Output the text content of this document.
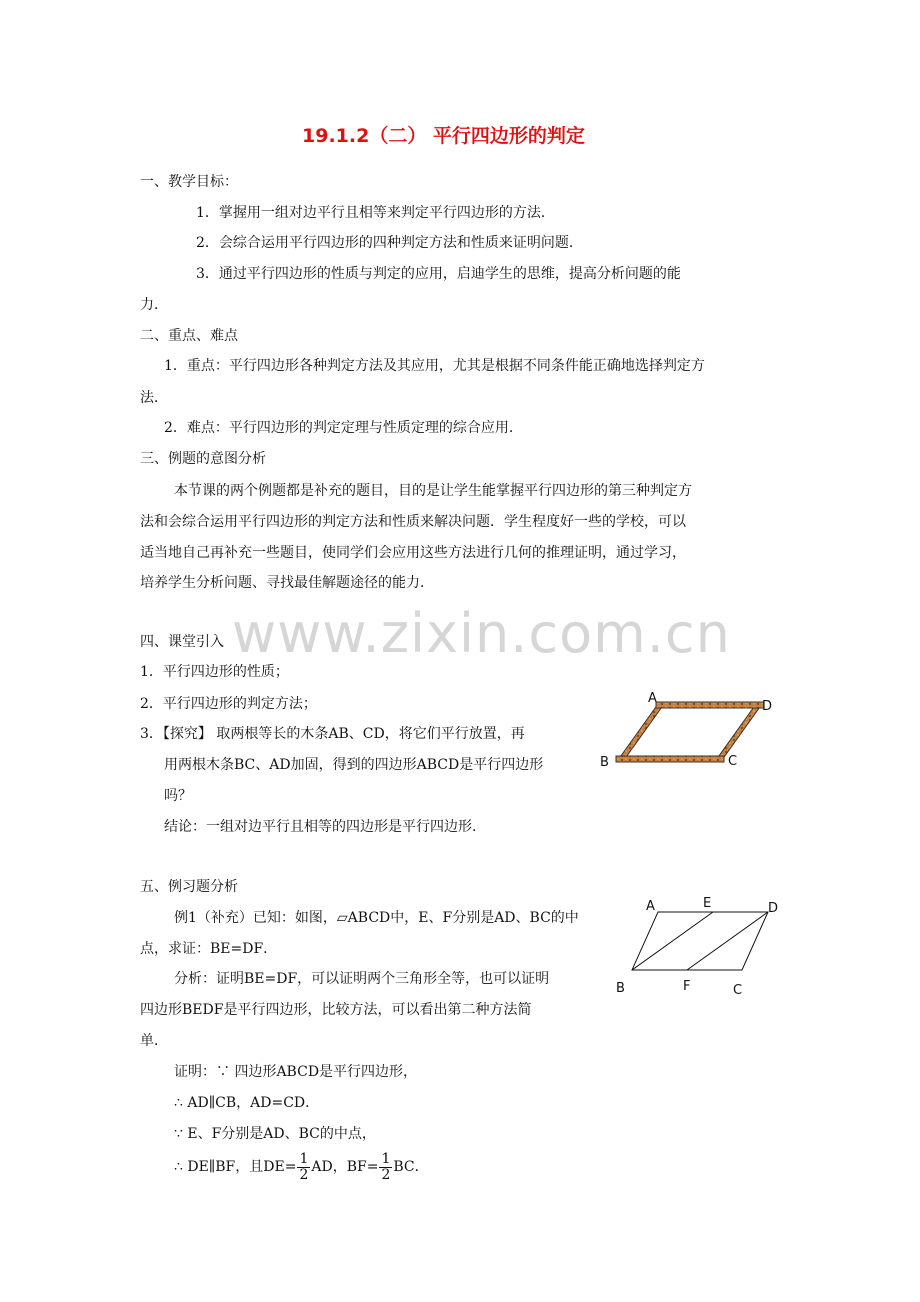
19.1.2（二） 平行四边形的判定
www.zixin.com.cn
一、教学目标：
1．掌握用一组对边平行且相等来判定平行四边形的方法．
2．会综合运用平行四边形的四种判定方法和性质来证明问题．
3．通过平行四边形的性质与判定的应用，启迪学生的思维，提高分析问题的能
力．
二、重点、难点
1．重点：平行四边形各种判定方法及其应用，尤其是根据不同条件能正确地选择判定方
法．
2．难点：平行四边形的判定定理与性质定理的综合应用．
三、例题的意图分析
本节课的两个例题都是补充的题目，目的是让学生能掌握平行四边形的第三种判定方
法和会综合运用平行四边形的判定方法和性质来解决问题．学生程度好一些的学校，可以
适当地自己再补充一些题目，使同学们会应用这些方法进行几何的推理证明，通过学习，
培养学生分析问题、寻找最佳解题途径的能力．
四、课堂引入
1．平行四边形的性质；
2．平行四边形的判定方法；
3．【探究】 取两根等长的木条AB、CD，将它们平行放置，再
用两根木条BC、AD加固，得到的四边形ABCD是平行四边形
吗？
结论：一组对边平行且相等的四边形是平行四边形．
A
D
B	C
五、例习题分析
例1（补充）已知：如图，▱ABCD中，E、F分别是AD、BC的中
点，求证：BE=DF．
分析：证明BE=DF，可以证明两个三角形全等，也可以证明
四边形BEDF是平行四边形，比较方法，可以看出第二种方法简
单．
证明：∵ 四边形ABCD是平行四边形，
∴ AD∥CB，AD=CD．
∵ E、F分别是AD、BC的中点，
∴ DE∥BF，且$DE= \frac{1}{2}$ AD，$BF= \frac{1}{2}$ BC．
A	E	D
B	F	C
